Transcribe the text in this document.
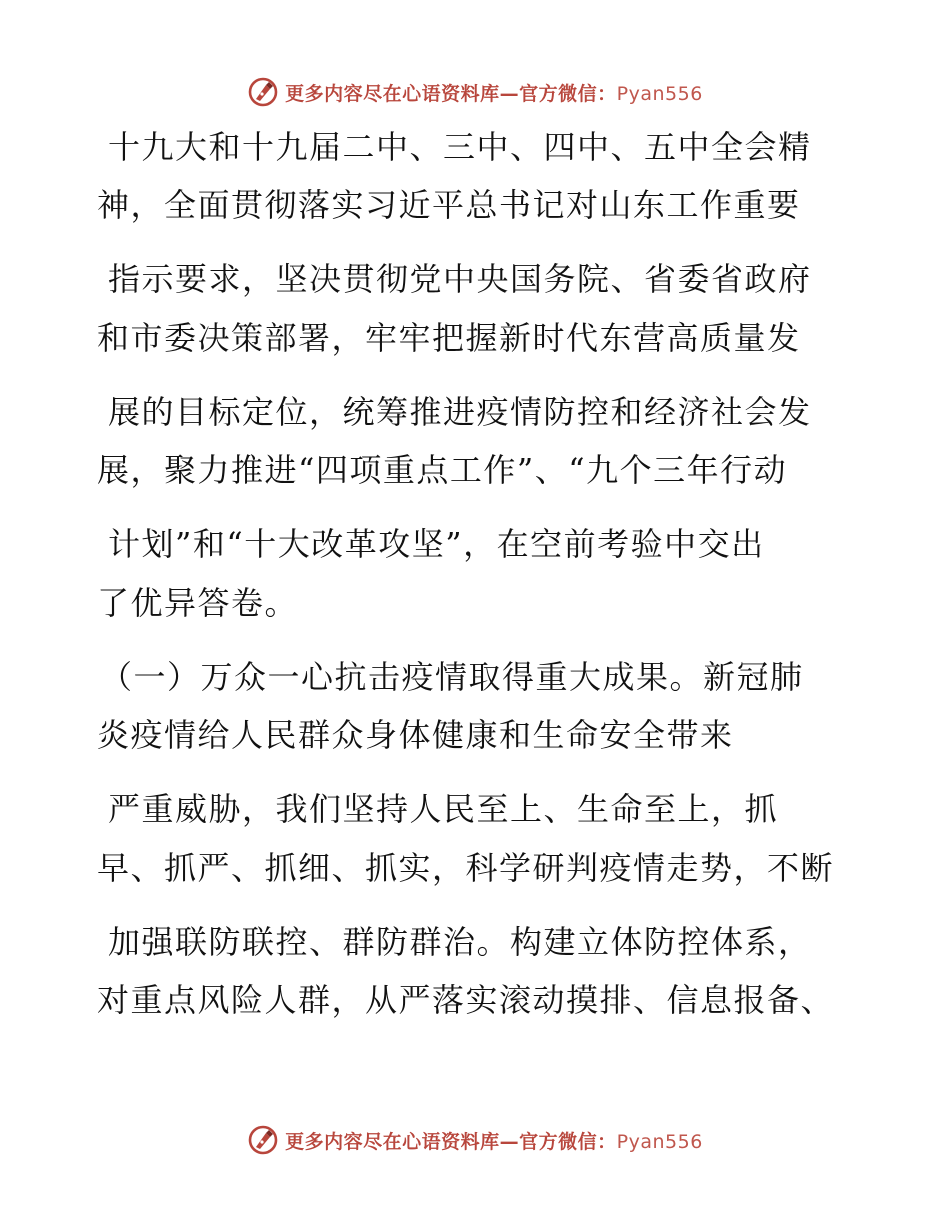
更多内容尽在心语资料库—官方微信：Pyan556
十九大和十九届二中、三中、四中、五中全会精
神，全面贯彻落实习近平总书记对山东工作重要
指示要求，坚决贯彻党中央国务院、省委省政府
和市委决策部署，牢牢把握新时代东营高质量发
展的目标定位，统筹推进疫情防控和经济社会发
展，聚力推进“四项重点工作”、“九个三年行动
计划”和“十大改革攻坚”，在空前考验中交出
了优异答卷。
（一）万众一心抗击疫情取得重大成果。新冠肺
炎疫情给人民群众身体健康和生命安全带来
严重威胁，我们坚持人民至上、生命至上，抓
早、抓严、抓细、抓实，科学研判疫情走势，不断
加强联防联控、群防群治。构建立体防控体系，
对重点风险人群，从严落实滚动摸排、信息报备、
更多内容尽在心语资料库—官方微信：Pyan556
